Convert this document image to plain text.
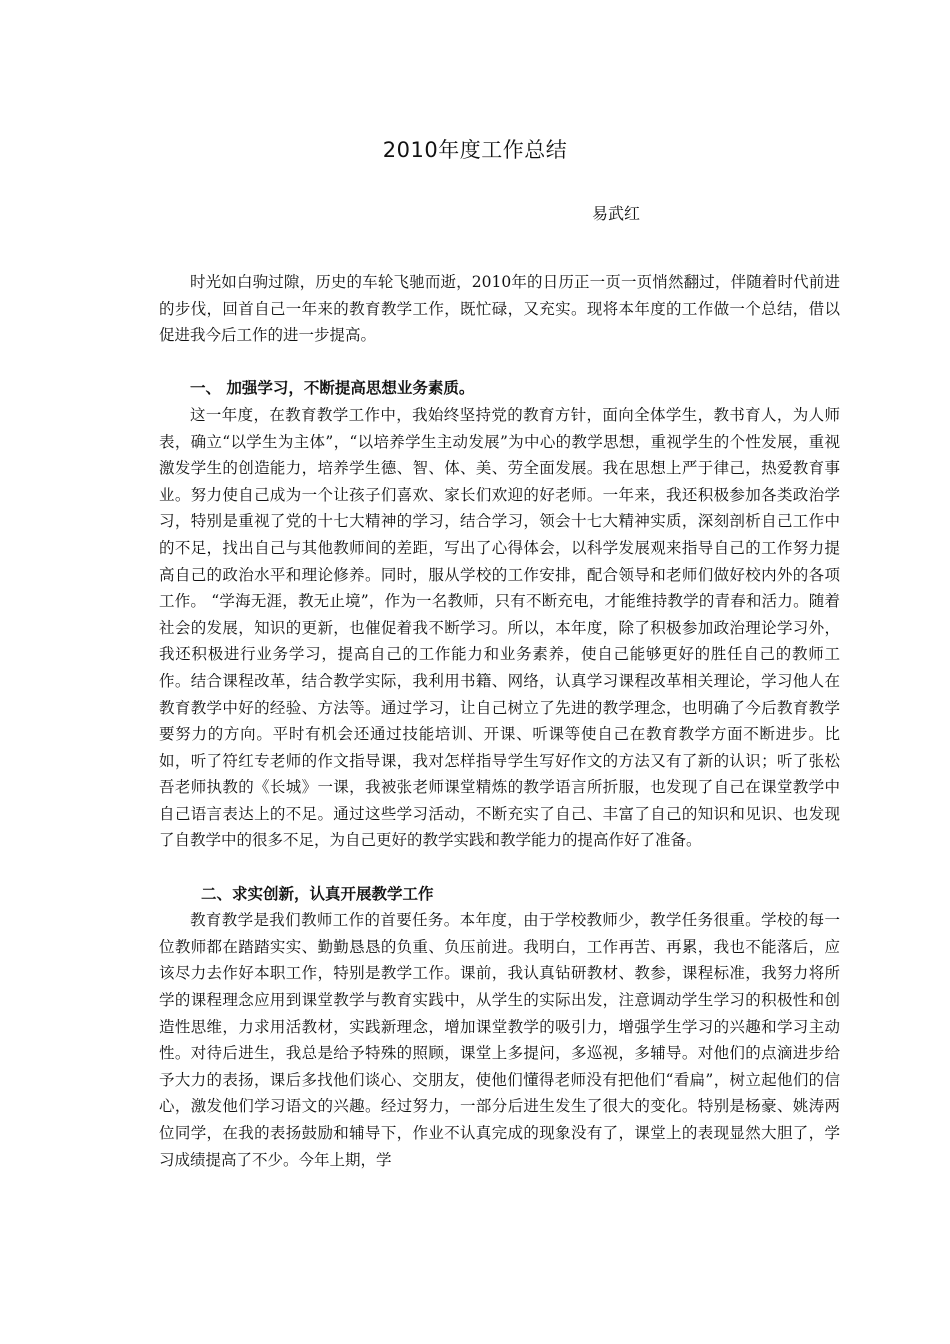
2010年度工作总结
易武红

时光如白驹过隙，历史的车轮飞驰而逝，2010年的日历正一页一页悄然翻过，伴随着时代前进的步伐，回首自己一年来的教育教学工作，既忙碌，又充实。现将本年度的工作做一个总结，借以促进我今后工作的进一步提高。

一、 加强学习，不断提高思想业务素质。

这一年度，在教育教学工作中，我始终坚持党的教育方针，面向全体学生，教书育人，为人师表，确立“以学生为主体”，“以培养学生主动发展”为中心的教学思想，重视学生的个性发展，重视激发学生的创造能力，培养学生德、智、体、美、劳全面发展。我在思想上严于律己，热爱教育事业。努力使自己成为一个让孩子们喜欢、家长们欢迎的好老师。一年来，我还积极参加各类政治学习，特别是重视了党的十七大精神的学习，结合学习，领会十七大精神实质，深刻剖析自己工作中的不足，找出自己与其他教师间的差距，写出了心得体会，以科学发展观来指导自己的工作努力提高自己的政治水平和理论修养。同时，服从学校的工作安排，配合领导和老师们做好校内外的各项工作。 “学海无涯，教无止境”，作为一名教师，只有不断充电，才能维持教学的青春和活力。随着社会的发展，知识的更新，也催促着我不断学习。所以，本年度，除了积极参加政治理论学习外，我还积极进行业务学习，提高自己的工作能力和业务素养，使自己能够更好的胜任自己的教师工作。结合课程改革，结合教学实际，我利用书籍、网络，认真学习课程改革相关理论，学习他人在教育教学中好的经验、方法等。通过学习，让自己树立了先进的教学理念，也明确了今后教育教学要努力的方向。平时有机会还通过技能培训、开课、听课等使自己在教育教学方面不断进步。比如，听了符红专老师的作文指导课，我对怎样指导学生写好作文的方法又有了新的认识；听了张松吾老师执教的《长城》一课，我被张老师课堂精炼的教学语言所折服，也发现了自己在课堂教学中自己语言表达上的不足。通过这些学习活动，不断充实了自己、丰富了自己的知识和见识、也发现了自教学中的很多不足，为自己更好的教学实践和教学能力的提高作好了准备。

二、求实创新，认真开展教学工作

教育教学是我们教师工作的首要任务。本年度，由于学校教师少，教学任务很重。学校的每一位教师都在踏踏实实、勤勤恳恳的负重、负压前进。我明白，工作再苦、再累，我也不能落后，应该尽力去作好本职工作，特别是教学工作。课前，我认真钻研教材、教参，课程标准，我努力将所学的课程理念应用到课堂教学与教育实践中，从学生的实际出发，注意调动学生学习的积极性和创造性思维，力求用活教材，实践新理念，增加课堂教学的吸引力，增强学生学习的兴趣和学习主动性。对待后进生，我总是给予特殊的照顾，课堂上多提问，多巡视，多辅导。对他们的点滴进步给予大力的表扬，课后多找他们谈心、交朋友，使他们懂得老师没有把他们“看扁”，树立起他们的信心，激发他们学习语文的兴趣。经过努力，一部分后进生发生了很大的变化。特别是杨豪、姚涛两位同学，在我的表扬鼓励和辅导下，作业不认真完成的现象没有了，课堂上的表现显然大胆了，学习成绩提高了不少。今年上期，学
